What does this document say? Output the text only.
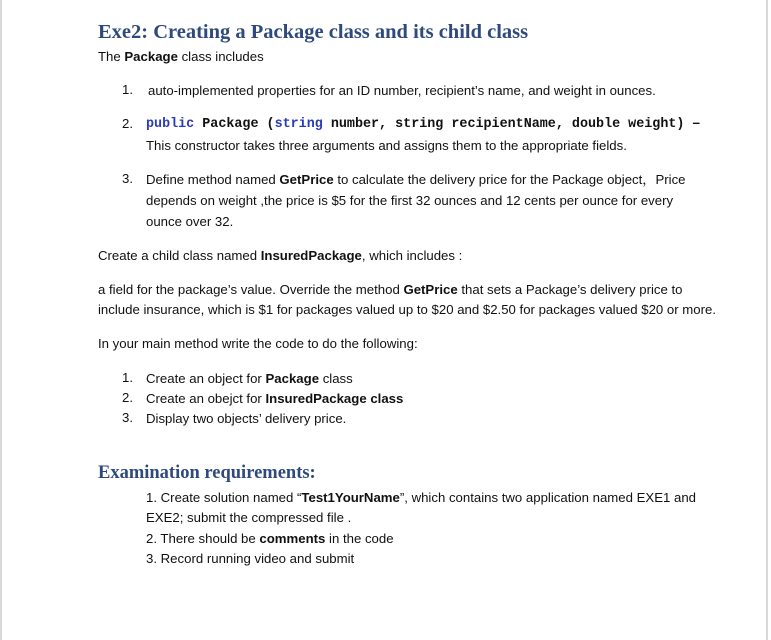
Exe2: Creating a Package class and its child class
The Package class includes
1. auto-implemented properties for an ID number, recipient’s name, and weight in ounces.
2. public Package (string number, string recipientName, double weight) –
This constructor takes three arguments and assigns them to the appropriate fields.
3. Define method named GetPrice to calculate the delivery price for the Package object，Price
depends on weight ,the price is $5 for the first 32 ounces and 12 cents per ounce for every
ounce over 32.
Create a child class named InsuredPackage, which includes :
a field for the package’s value. Override the method GetPrice that sets a Package’s delivery price to
include insurance, which is $1 for packages valued up to $20 and $2.50 for packages valued $20 or more.
In your main method write the code to do the following:
1. Create an object for Package class
2. Create an obejct for InsuredPackage class
3. Display two objects’ delivery price.
Examination requirements:
1. Create solution named “Test1YourName”, which contains two application named EXE1 and
EXE2; submit the compressed file .
2. There should be comments in the code
3. Record running video and submit
